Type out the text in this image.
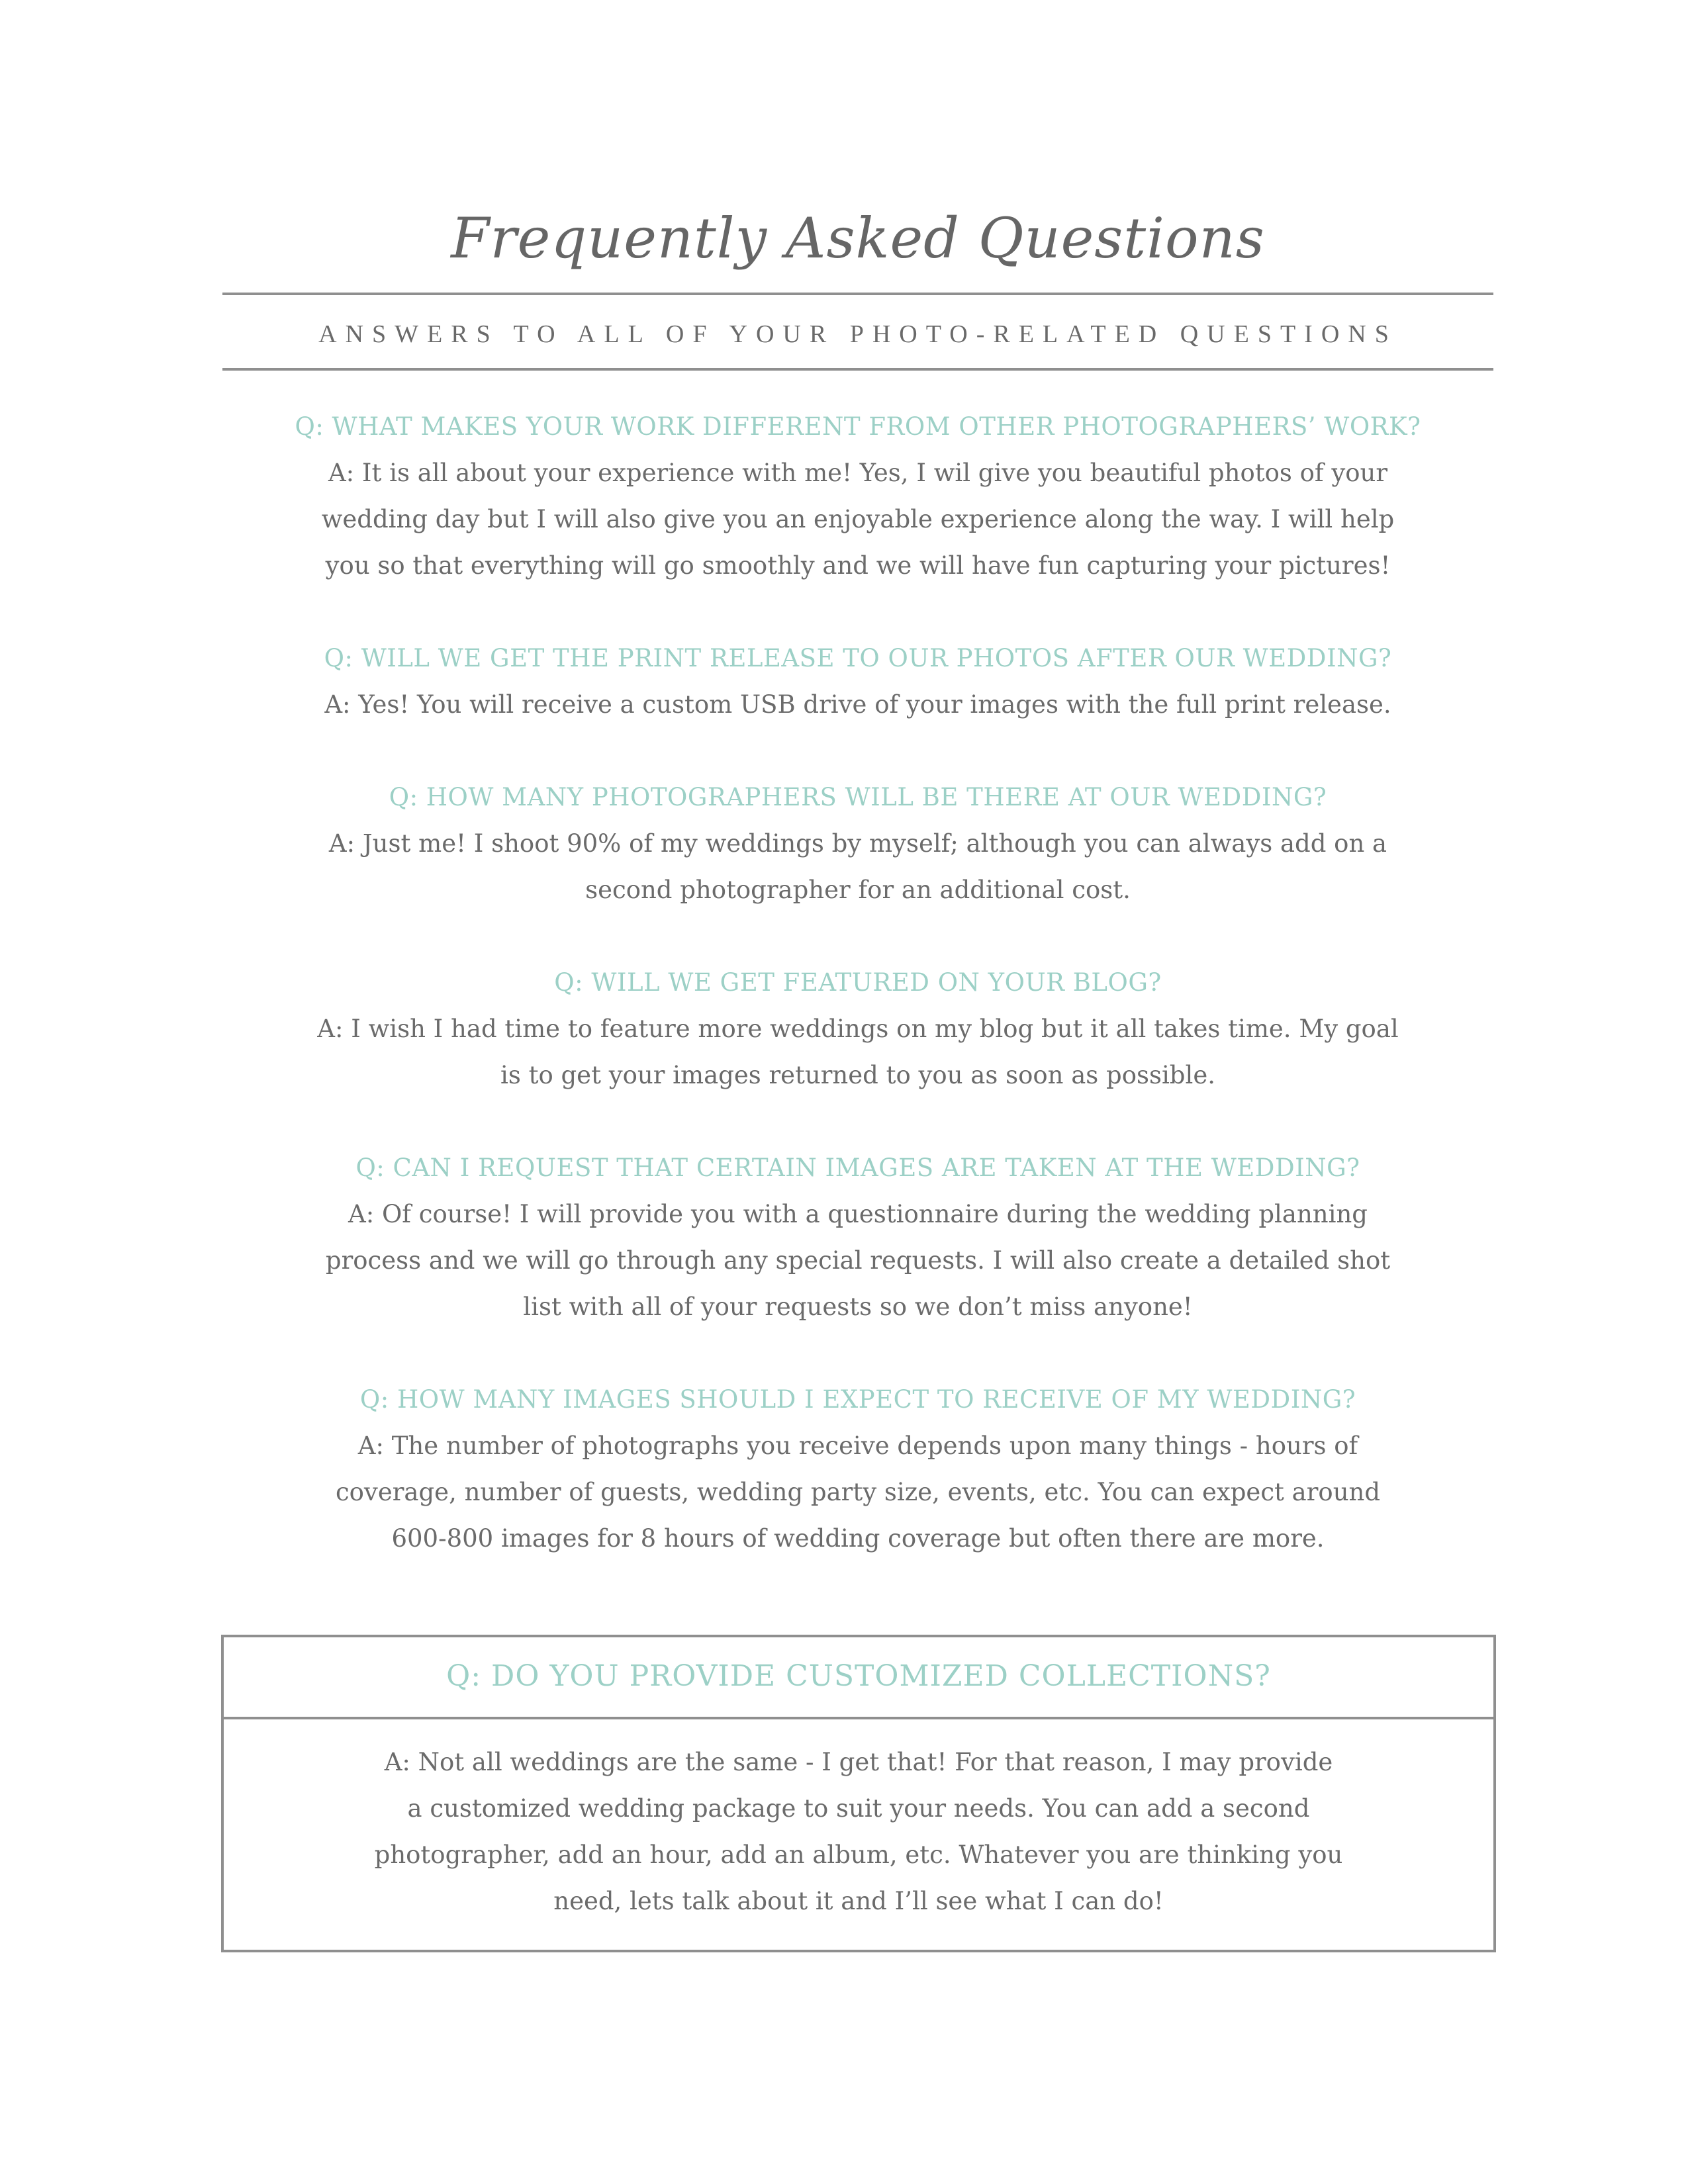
Frequently Asked Questions
ANSWERS TO ALL OF YOUR PHOTO-RELATED QUESTIONS

Q: WHAT MAKES YOUR WORK DIFFERENT FROM OTHER PHOTOGRAPHERS’ WORK?

A: It is all about your experience with me! Yes, I wil give you beautiful photos of your
wedding day but I will also give you an enjoyable experience along the way. I will help
you so that everything will go smoothly and we will have fun capturing your pictures!

Q: WILL WE GET THE PRINT RELEASE TO OUR PHOTOS AFTER OUR WEDDING?

A: Yes! You will receive a custom USB drive of your images with the full print release.

Q: HOW MANY PHOTOGRAPHERS WILL BE THERE AT OUR WEDDING?

A: Just me! I shoot 90% of my weddings by myself; although you can always add on a
second photographer for an additional cost.

Q: WILL WE GET FEATURED ON YOUR BLOG?

A: I wish I had time to feature more weddings on my blog but it all takes time. My goal
is to get your images returned to you as soon as possible.

Q: CAN I REQUEST THAT CERTAIN IMAGES ARE TAKEN AT THE WEDDING?

A: Of course! I will provide you with a questionnaire during the wedding planning
process and we will go through any special requests. I will also create a detailed shot
list with all of your requests so we don’t miss anyone!

Q: HOW MANY IMAGES SHOULD I EXPECT TO RECEIVE OF MY WEDDING?

A: The number of photographs you receive depends upon many things - hours of
coverage, number of guests, wedding party size, events, etc. You can expect around
600-800 images for 8 hours of wedding coverage but often there are more.

Q: DO YOU PROVIDE CUSTOMIZED COLLECTIONS?
A: Not all weddings are the same - I get that! For that reason, I may provide
a customized wedding package to suit your needs. You can add a second
photographer, add an hour, add an album, etc. Whatever you are thinking you
need, lets talk about it and I’ll see what I can do!
